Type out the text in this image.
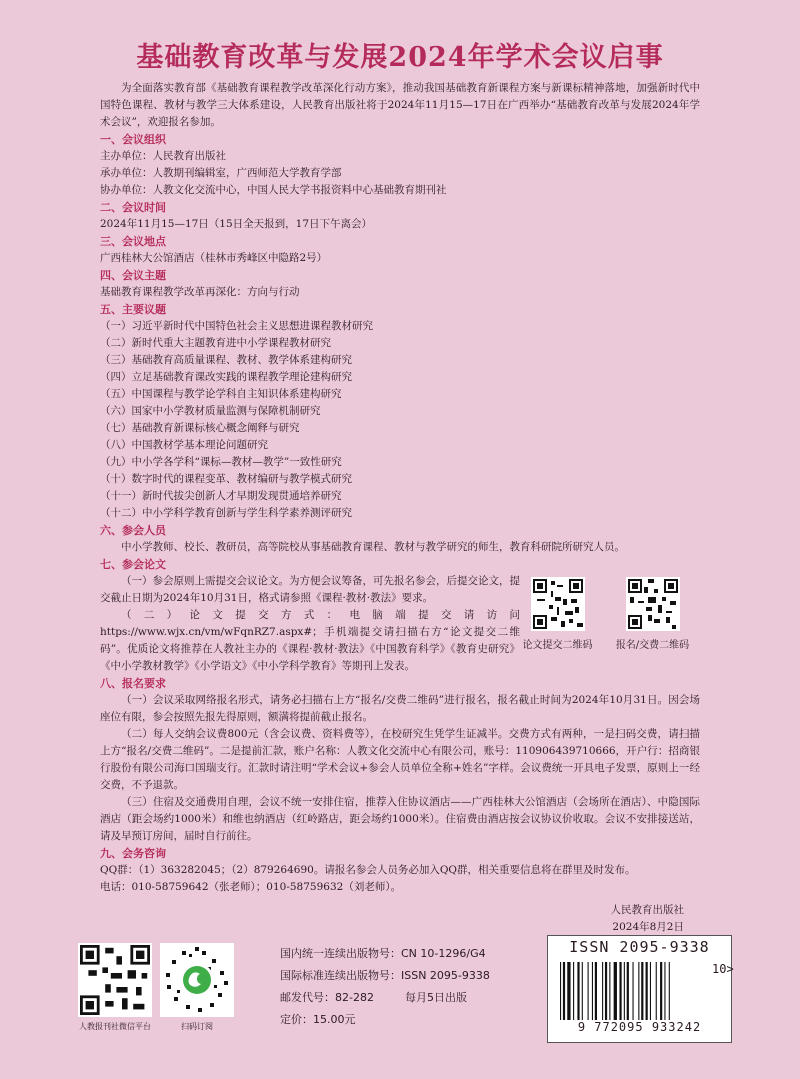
基础教育改革与发展2024年学术会议启事

为全面落实教育部《基础教育课程教学改革深化行动方案》，推动我国基础教育新课程方案与新课标精神落地，加强新时代中国特色课程、教材与教学三大体系建设，人民教育出版社将于2024年11月15—17日在广西举办“基础教育改革与发展2024年学术会议”，欢迎报名参加。

一、会议组织

主办单位：人民教育出版社

承办单位：人教期刊编辑室，广西师范大学教育学部

协办单位：人教文化交流中心，中国人民大学书报资料中心基础教育期刊社

二、会议时间

2024年11月15—17日（15日全天报到，17日下午离会）

三、会议地点

广西桂林大公馆酒店（桂林市秀峰区中隐路2号）

四、会议主题

基础教育课程教学改革再深化：方向与行动

五、主要议题

（一）习近平新时代中国特色社会主义思想进课程教材研究

（二）新时代重大主题教育进中小学课程教材研究

（三）基础教育高质量课程、教材、教学体系建构研究

（四）立足基础教育课改实践的课程教学理论建构研究

（五）中国课程与教学论学科自主知识体系建构研究

（六）国家中小学教材质量监测与保障机制研究

（七）基础教育新课标核心概念阐释与研究

（八）中国教材学基本理论问题研究

（九）中小学各学科“课标—教材—教学”一致性研究

（十）数字时代的课程变革、教材编研与教学模式研究

（十一）新时代拔尖创新人才早期发现贯通培养研究

（十二）中小学科学教育创新与学生科学素养测评研究

六、参会人员

中小学教师、校长、教研员，高等院校从事基础教育课程、教材与教学研究的师生，教育科研院所研究人员。

七、参会论文

（一）参会原则上需提交会议论文。为方便会议筹备，可先报名参会，后提交论文，提交截止日期为2024年10月31日，格式请参照《课程·教材·教法》要求。

（二）论文提交方式：电脑端提交请访问 https://www.wjx.cn/vm/wFqnRZ7.aspx#；手机端提交请扫描右方“论文提交二维码”。优质论文将推荐在人教社主办的《课程·教材·教法》《中国教育科学》《教育史研究》《中小学教材教学》《小学语文》《中小学科学教育》等期刊上发表。

论文提交二维码	报名/交费二维码

八、报名要求

（一）会议采取网络报名形式，请务必扫描右上方“报名/交费二维码”进行报名，报名截止时间为2024年10月31日。因会场座位有限，参会按照先报先得原则，额满将提前截止报名。

（二）每人交纳会议费800元（含会议费、资料费等），在校研究生凭学生证减半。交费方式有两种，一是扫码交费，请扫描上方“报名/交费二维码”。二是提前汇款，账户名称：人教文化交流中心有限公司，账号：110906439710666，开户行：招商银行股份有限公司海口国瑞支行。汇款时请注明“学术会议+参会人员单位全称+姓名”字样。会议费统一开具电子发票，原则上一经交费，不予退款。

（三）住宿及交通费用自理，会议不统一安排住宿，推荐入住协议酒店——广西桂林大公馆酒店（会场所在酒店）、中隐国际酒店（距会场约1000米）和维也纳酒店（红岭路店，距会场约1000米）。住宿费由酒店按会议协议价收取。会议不安排接送站，请及早预订房间，届时自行前往。

九、会务咨询

QQ群：（1）363282045；（2）879264690。请报名参会人员务必加入QQ群，相关重要信息将在群里及时发布。

电话：010-58759642（张老师）；010-58759632（刘老师）。

人民教育出版社

2024年8月2日

人教报刊社微信平台	扫码订阅
国内统一连续出版物号：CN 10-1296/G4
国际标准连续出版物号：ISSN 2095-9338
邮发代号：82-282	每月5日出版
定价：15.00元
ISSN 2095-9338
10>
9 772095 933242
